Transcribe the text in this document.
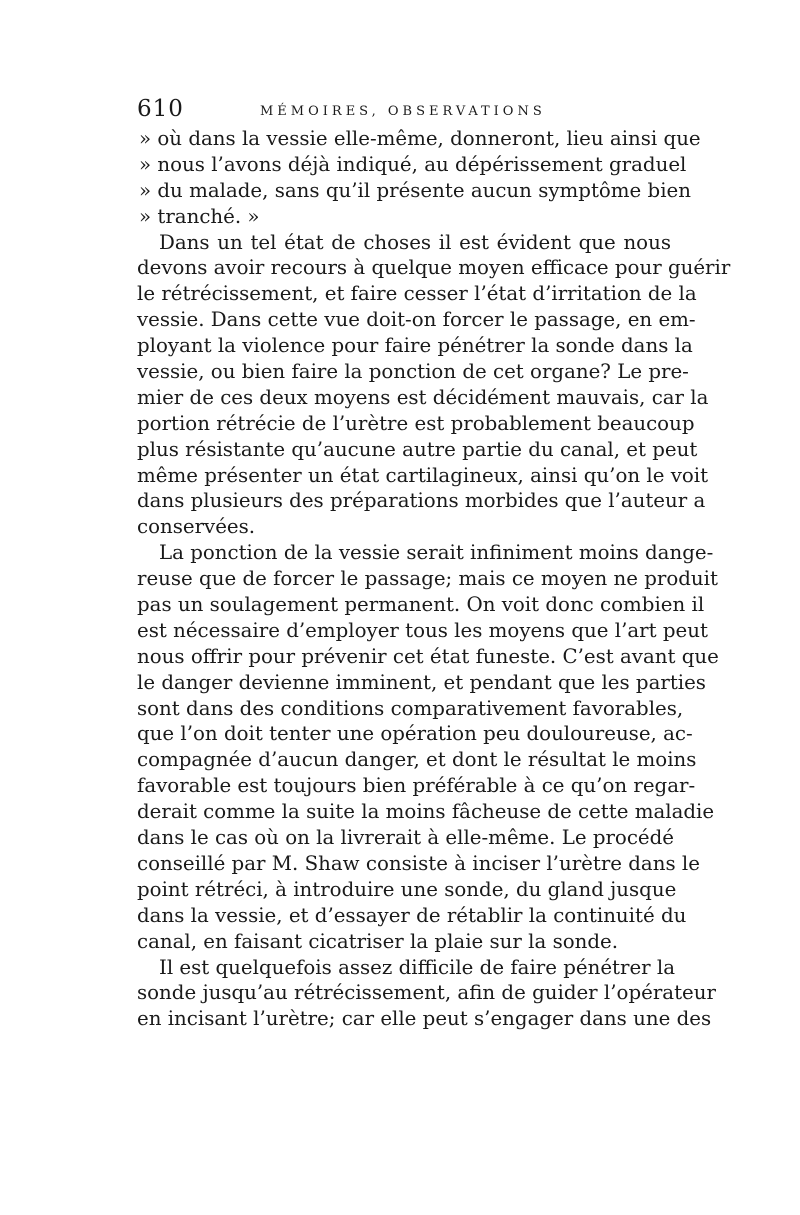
610	MÉMOIRES, OBSERVATIONS
» où dans la vessie elle-même, donneront, lieu ainsi que
» nous l’avons déjà indiqué, au dépérissement graduel
» du malade, sans qu’il présente aucun symptôme bien
» tranché. »
Dans un tel état de choses il est évident que nous
devons avoir recours à quelque moyen efficace pour guérir
le rétrécissement, et faire cesser l’état d’irritation de la
vessie. Dans cette vue doit-on forcer le passage, en em-
ployant la violence pour faire pénétrer la sonde dans la
vessie, ou bien faire la ponction de cet organe? Le pre-
mier de ces deux moyens est décidément mauvais, car la
portion rétrécie de l’urètre est probablement beaucoup
plus résistante qu’aucune autre partie du canal, et peut
même présenter un état cartilagineux, ainsi qu’on le voit
dans plusieurs des préparations morbides que l’auteur a
conservées.
La ponction de la vessie serait infiniment moins dange-
reuse que de forcer le passage; mais ce moyen ne produit
pas un soulagement permanent. On voit donc combien il
est nécessaire d’employer tous les moyens que l’art peut
nous offrir pour prévenir cet état funeste. C’est avant que
le danger devienne imminent, et pendant que les parties
sont dans des conditions comparativement favorables,
que l’on doit tenter une opération peu douloureuse, ac-
compagnée d’aucun danger, et dont le résultat le moins
favorable est toujours bien préférable à ce qu’on regar-
derait comme la suite la moins fâcheuse de cette maladie
dans le cas où on la livrerait à elle-même. Le procédé
conseillé par M. Shaw consiste à inciser l’urètre dans le
point rétréci, à introduire une sonde, du gland jusque
dans la vessie, et d’essayer de rétablir la continuité du
canal, en faisant cicatriser la plaie sur la sonde.
Il est quelquefois assez difficile de faire pénétrer la
sonde jusqu’au rétrécissement, afin de guider l’opérateur
en incisant l’urètre; car elle peut s’engager dans une des
